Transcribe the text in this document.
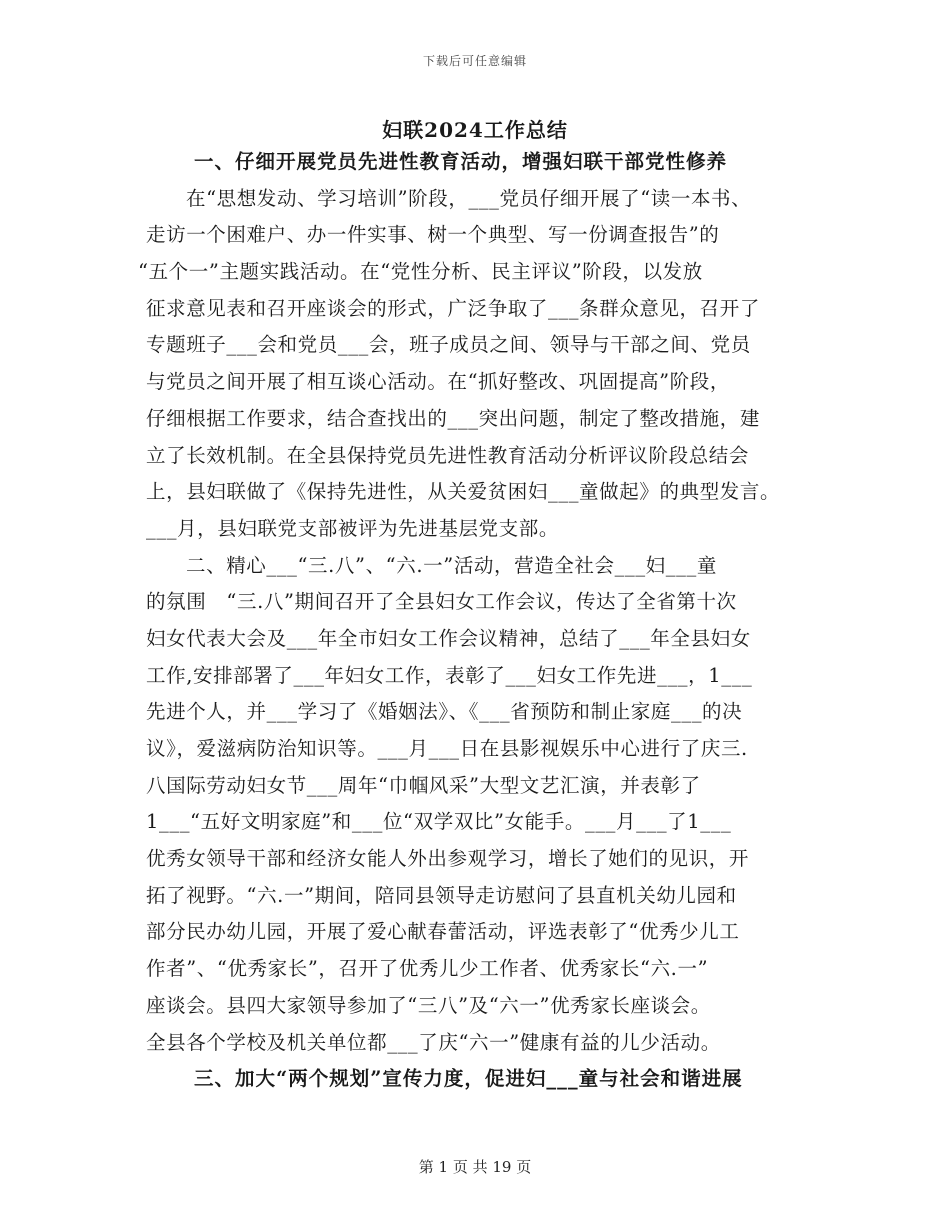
下载后可任意编辑
妇联2024工作总结
一、仔细开展党员先进性教育活动，增强妇联干部党性修养
在“思想发动、学习培训”阶段，___党员仔细开展了“读一本书、
走访一个困难户、办一件实事、树一个典型、写一份调查报告”的
“五个一”主题实践活动。在“党性分析、民主评议”阶段，以发放
征求意见表和召开座谈会的形式，广泛争取了___条群众意见，召开了
专题班子___会和党员___会，班子成员之间、领导与干部之间、党员
与党员之间开展了相互谈心活动。在“抓好整改、巩固提高”阶段，
仔细根据工作要求，结合查找出的___突出问题，制定了整改措施，建
立了长效机制。在全县保持党员先进性教育活动分析评议阶段总结会
上，县妇联做了《保持先进性，从关爱贫困妇___童做起》的典型发言。
___月，县妇联党支部被评为先进基层党支部。
二、精心___“三.八”、“六.一”活动，营造全社会___妇___童
的氛围　“三.八”期间召开了全县妇女工作会议，传达了全省第十次
妇女代表大会及___年全市妇女工作会议精神，总结了___年全县妇女
工作,安排部署了___年妇女工作，表彰了___妇女工作先进___，1___
先进个人，并___学习了《婚姻法》、《___省预防和制止家庭___的决
议》，爱滋病防治知识等。___月___日在县影视娱乐中心进行了庆三.
八国际劳动妇女节___周年“巾帼风采”大型文艺汇演，并表彰了
1___“五好文明家庭”和___位“双学双比”女能手。___月___了1___
优秀女领导干部和经济女能人外出参观学习，增长了她们的见识，开
拓了视野。“六.一”期间，陪同县领导走访慰问了县直机关幼儿园和
部分民办幼儿园，开展了爱心献春蕾活动，评选表彰了“优秀少儿工
作者”、“优秀家长”，召开了优秀儿少工作者、优秀家长“六.一”
座谈会。县四大家领导参加了“三八”及“六一”优秀家长座谈会。
全县各个学校及机关单位都___了庆“六一”健康有益的儿少活动。
三、加大“两个规划”宣传力度，促进妇___童与社会和谐进展
第 1 页 共 19 页
